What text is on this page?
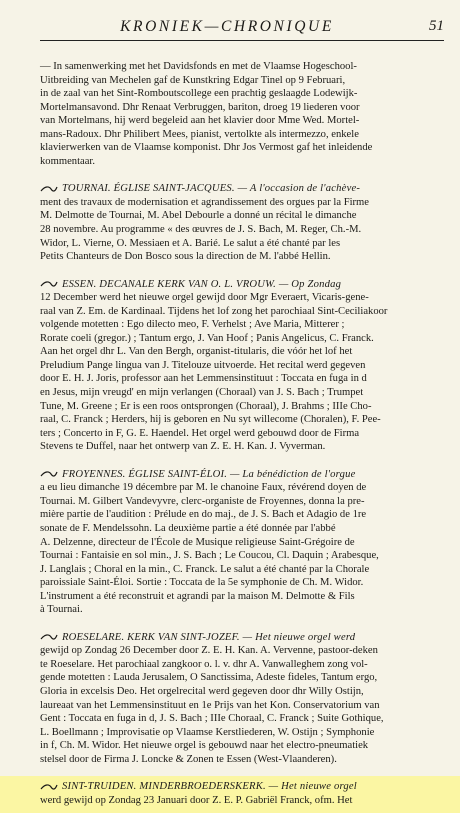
KRONIEK—CHRONIQUE	51
— In samenwerking met het Davidsfonds en met de Vlaamse Hogeschool-
Uitbreiding van Mechelen gaf de Kunstkring Edgar Tinel op 9 Februari,
in de zaal van het Sint-Romboutscollege een prachtig geslaagde Lodewijk-
Mortelmansavond. Dhr Renaat Verbruggen, bariton, droeg 19 liederen voor
van Mortelmans, hij werd begeleid aan het klavier door Mme Wed. Mortel-
mans-Radoux. Dhr Philibert Mees, pianist, vertolkte als intermezzo, enkele
klavierwerken van de Vlaamse komponist. Dhr Jos Vermost gaf het inleidende
kommentaar.
TOURNAI. ÉGLISE SAINT-JACQUES. — A l'occasion de l'achève-
ment des travaux de modernisation et agrandissement des orgues par la Firme
M. Delmotte de Tournai, M. Abel Debourle a donné un récital le dimanche
28 novembre. Au programme « des œuvres de J. S. Bach, M. Reger, Ch.-M.
Widor, L. Vierne, O. Messiaen et A. Barié. Le salut a été chanté par les
Petits Chanteurs de Don Bosco sous la direction de M. l'abbé Hellin.
ESSEN. DECANALE KERK VAN O. L. VROUW. — Op Zondag
12 December werd het nieuwe orgel gewijd door Mgr Everaert, Vicaris-gene-
raal van Z. Em. de Kardinaal. Tijdens het lof zong het parochiaal Sint-Ceciliakoor
volgende motetten : Ego dilecto meo, F. Verhelst ; Ave Maria, Mitterer ;
Rorate coeli (gregor.) ; Tantum ergo, J. Van Hoof ; Panis Angelicus, C. Franck.
Aan het orgel dhr L. Van den Bergh, organist-titularis, die vóór het lof het
Preludium Pange lingua van J. Titelouze uitvoerde. Het recital werd gegeven
door E. H. J. Joris, professor aan het Lemmensinstituut : Toccata en fuga in d
en Jesus, mijn vreugd' en mijn verlangen (Choraal) van J. S. Bach ; Trumpet
Tune, M. Greene ; Er is een roos ontsprongen (Choraal), J. Brahms ; IIIe Cho-
raal, C. Franck ; Herders, hij is geboren en Nu syt willecome (Choralen), F. Pee-
ters ; Concerto in F, G. E. Haendel. Het orgel werd gebouwd door de Firma
Stevens te Duffel, naar het ontwerp van Z. E. H. Kan. J. Vyverman.
FROYENNES. ÉGLISE SAINT-ÉLOI. — La bénédiction de l'orgue
a eu lieu dimanche 19 décembre par M. le chanoine Faux, révérend doyen de
Tournai. M. Gilbert Vandevyvre, clerc-organiste de Froyennes, donna la pre-
mière partie de l'audition : Prélude en do maj., de J. S. Bach et Adagio de 1re
sonate de F. Mendelssohn. La deuxième partie a été donnée par l'abbé
A. Delzenne, directeur de l'École de Musique religieuse Saint-Grégoire de
Tournai : Fantaisie en sol min., J. S. Bach ; Le Coucou, Cl. Daquin ; Arabesque,
J. Langlais ; Choral en la min., C. Franck. Le salut a été chanté par la Chorale
paroissiale Saint-Éloi. Sortie : Toccata de la 5e symphonie de Ch. M. Widor.
L'instrument a été reconstruit et agrandi par la maison M. Delmotte & Fils
à Tournai.
ROESELARE. KERK VAN SINT-JOZEF. — Het nieuwe orgel werd
gewijd op Zondag 26 December door Z. E. H. Kan. A. Vervenne, pastoor-deken
te Roeselare. Het parochiaal zangkoor o. l. v. dhr A. Vanwalleghem zong vol-
gende motetten : Lauda Jerusalem, O Sanctissima, Adeste fideles, Tantum ergo,
Gloria in excelsis Deo. Het orgelrecital werd gegeven door dhr Willy Ostijn,
laureaat van het Lemmensinstituut en 1e Prijs van het Kon. Conservatorium van
Gent : Toccata en fuga in d, J. S. Bach ; IIIe Choraal, C. Franck ; Suite Gothique,
L. Boellmann ; Improvisatie op Vlaamse Kerstliederen, W. Ostijn ; Symphonie
in f, Ch. M. Widor. Het nieuwe orgel is gebouwd naar het electro-pneumatiek
stelsel door de Firma J. Loncke & Zonen te Essen (West-Vlaanderen).
SINT-TRUIDEN. MINDERBROEDERSKERK. — Het nieuwe orgel
werd gewijd op Zondag 23 Januari door Z. E. P. Gabriël Franck, ofm. Het
